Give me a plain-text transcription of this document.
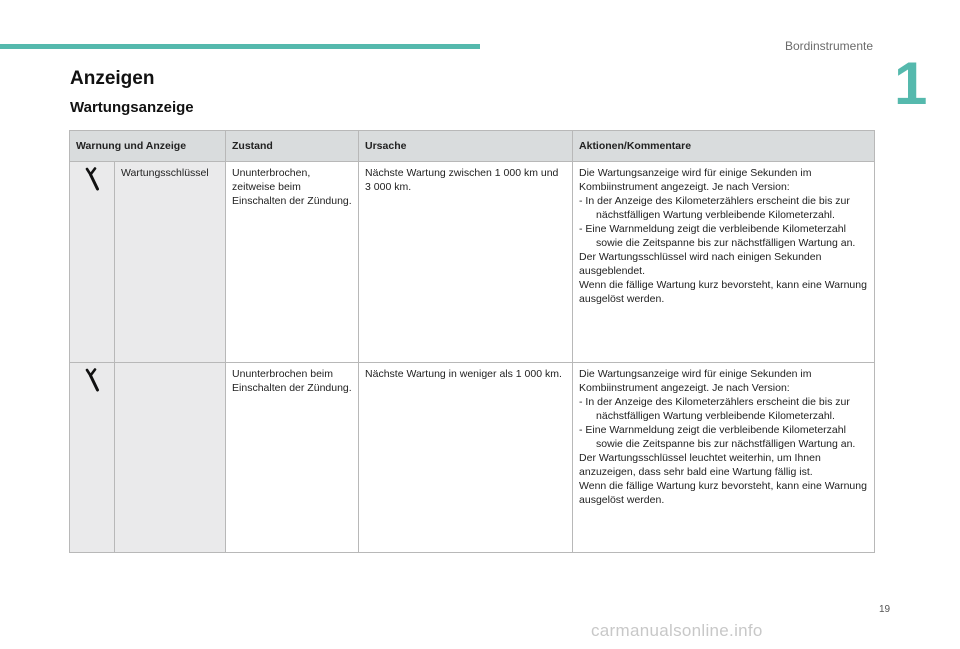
Bordinstrumente
1
Anzeigen
Wartungsanzeige
Warnung und Anzeige		Zustand	Ursache	Aktionen/Kommentare

	Wartungsschlüssel	Ununterbrochen, zeitweise beim Einschalten der Zündung.	Nächste Wartung zwischen 1 000 km und 3 000 km.	Die Wartungsanzeige wird für einige Sekunden im Kombiinstrument angezeigt. Je nach Version:
- In der Anzeige des Kilometerzählers erscheint die bis zur nächstfälligen Wartung verbleibende Kilometerzahl.
- Eine Warnmeldung zeigt die verbleibende Kilometerzahl sowie die Zeitspanne bis zur nächstfälligen Wartung an.
Der Wartungsschlüssel wird nach einigen Sekunden ausgeblendet.
Wenn die fällige Wartung kurz bevorsteht, kann eine Warnung ausgelöst werden.

		Ununterbrochen beim Einschalten der Zündung.	Nächste Wartung in weniger als 1 000 km.	Die Wartungsanzeige wird für einige Sekunden im Kombiinstrument angezeigt. Je nach Version:
- In der Anzeige des Kilometerzählers erscheint die bis zur nächstfälligen Wartung verbleibende Kilometerzahl.
- Eine Warnmeldung zeigt die verbleibende Kilometerzahl sowie die Zeitspanne bis zur nächstfälligen Wartung an.
Der Wartungsschlüssel leuchtet weiterhin, um Ihnen anzuzeigen, dass sehr bald eine Wartung fällig ist.
Wenn die fällige Wartung kurz bevorsteht, kann eine Warnung ausgelöst werden.
19
carmanualsonline.info
